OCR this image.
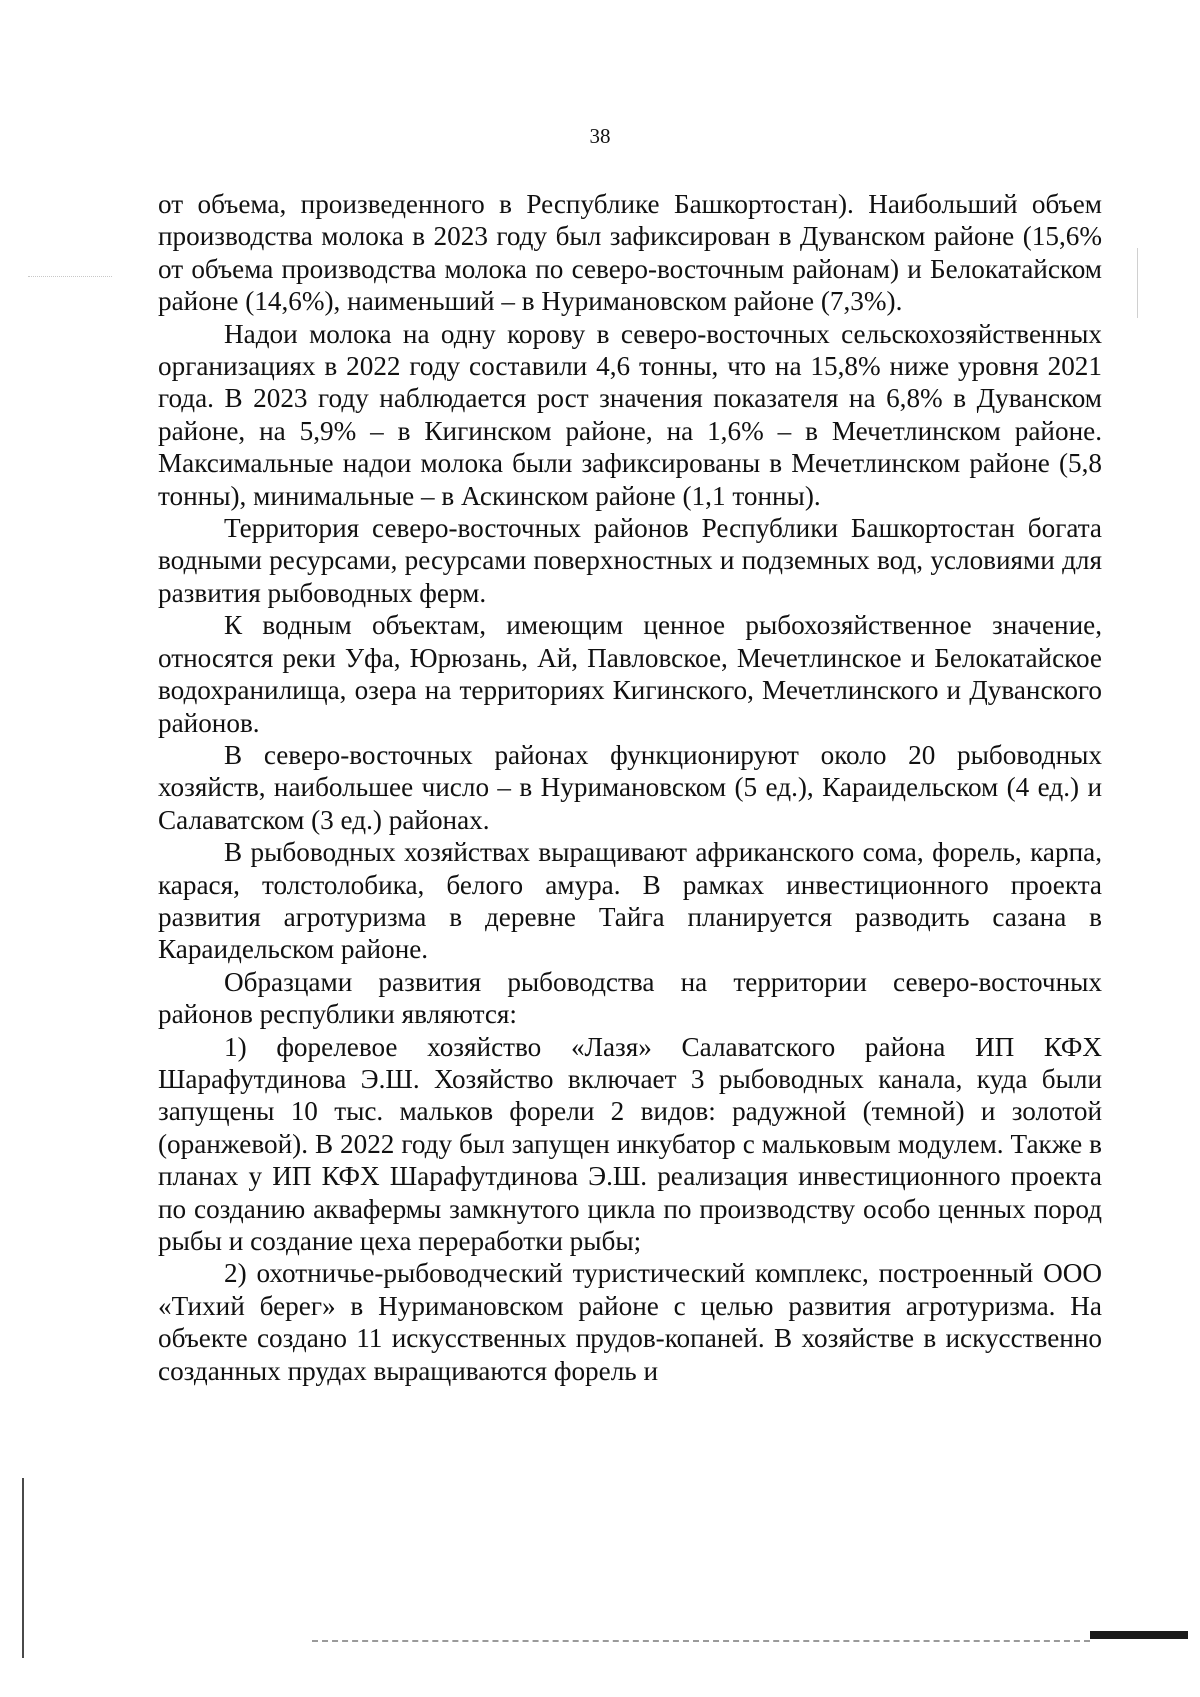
38

от объема, произведенного в Республике Башкортостан). Наибольший объем производства молока в 2023 году был зафиксирован в Дуванском районе (15,6% от объема производства молока по северо-восточным районам) и Белокатайском районе (14,6%), наименьший – в Нуримановском районе (7,3%).

Надои молока на одну корову в северо-восточных сельскохозяйственных организациях в 2022 году составили 4,6 тонны, что на 15,8% ниже уровня 2021 года. В 2023 году наблюдается рост значения показателя на 6,8% в Дуванском районе, на 5,9% – в Кигинском районе, на 1,6% – в Мечетлинском районе. Максимальные надои молока были зафиксированы в Мечетлинском районе (5,8 тонны), минимальные – в Аскинском районе (1,1 тонны).

Территория северо-восточных районов Республики Башкортостан богата водными ресурсами, ресурсами поверхностных и подземных вод, условиями для развития рыбоводных ферм.

К водным объектам, имеющим ценное рыбохозяйственное значение, относятся реки Уфа, Юрюзань, Ай, Павловское, Мечетлинское и Белокатайское водохранилища, озера на территориях Кигинского, Мечетлинского и Дуванского районов.

В северо-восточных районах функционируют около 20 рыбоводных хозяйств, наибольшее число – в Нуримановском (5 ед.), Караидельском (4 ед.) и Салаватском (3 ед.) районах.

В рыбоводных хозяйствах выращивают африканского сома, форель, карпа, карася, толстолобика, белого амура. В рамках инвестиционного проекта развития агротуризма в деревне Тайга планируется разводить сазана в Караидельском районе.

Образцами развития рыбоводства на территории северо-восточных районов республики являются:

1) форелевое хозяйство «Лазя» Салаватского района ИП КФХ Шарафутдинова Э.Ш. Хозяйство включает 3 рыбоводных канала, куда были запущены 10 тыс. мальков форели 2 видов: радужной (темной) и золотой (оранжевой). В 2022 году был запущен инкубатор с мальковым модулем. Также в планах у ИП КФХ Шарафутдинова Э.Ш. реализация инвестиционного проекта по созданию аквафермы замкнутого цикла по производству особо ценных пород рыбы и создание цеха переработки рыбы;

2) охотничье-рыбоводческий туристический комплекс, построенный ООО «Тихий берег» в Нуримановском районе с целью развития агротуризма. На объекте создано 11 искусственных прудов-копаней. В хозяйстве в искусственно созданных прудах выращиваются форель и
